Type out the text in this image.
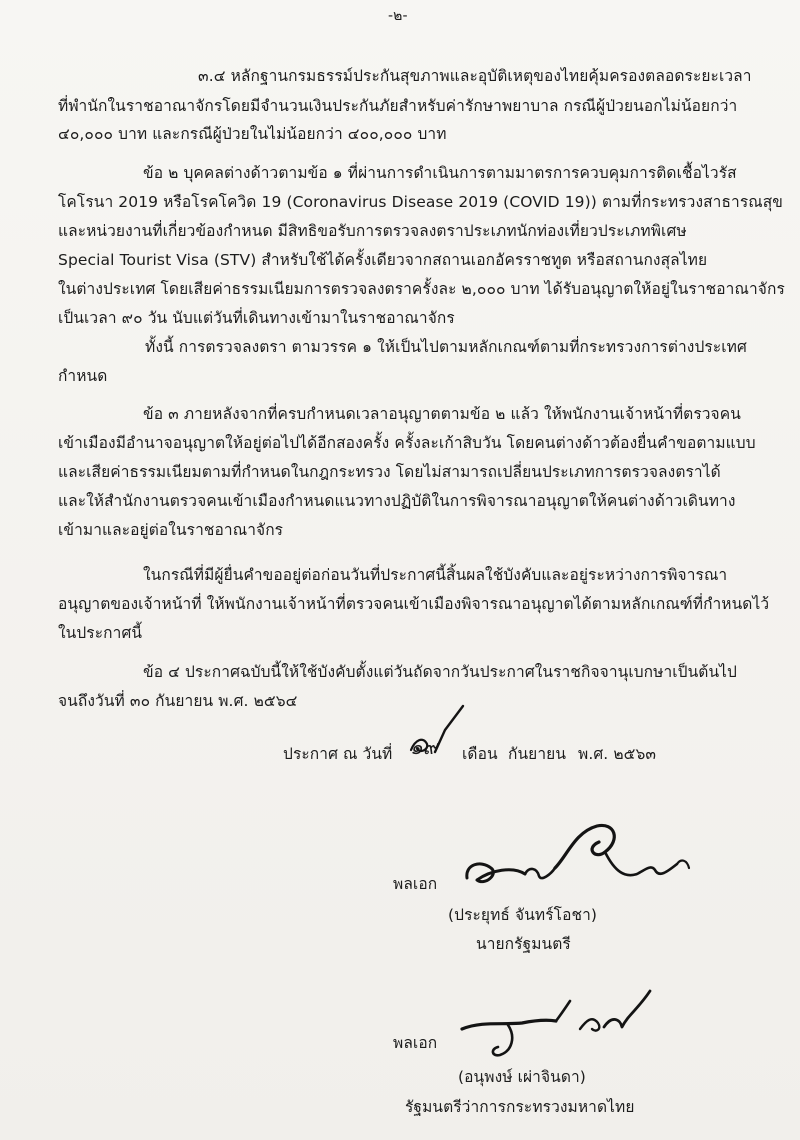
-๒-
๓.๔ หลักฐานกรมธรรม์ประกันสุขภาพและอุบัติเหตุของไทยคุ้มครองตลอดระยะเวลา
ที่พำนักในราชอาณาจักรโดยมีจำนวนเงินประกันภัยสำหรับค่ารักษาพยาบาล กรณีผู้ป่วยนอกไม่น้อยกว่า
๔๐,๐๐๐ บาท และกรณีผู้ป่วยในไม่น้อยกว่า ๔๐๐,๐๐๐ บาท
ข้อ ๒ บุคคลต่างด้าวตามข้อ ๑ ที่ผ่านการดำเนินการตามมาตรการควบคุมการติดเชื้อไวรัส
โคโรนา 2019 หรือโรคโควิด 19 (Coronavirus Disease 2019 (COVID 19)) ตามที่กระทรวงสาธารณสุข
และหน่วยงานที่เกี่ยวข้องกำหนด มีสิทธิขอรับการตรวจลงตราประเภทนักท่องเที่ยวประเภทพิเศษ
Special Tourist Visa (STV) สำหรับใช้ได้ครั้งเดียวจากสถานเอกอัครราชทูต หรือสถานกงสุลไทย
ในต่างประเทศ โดยเสียค่าธรรมเนียมการตรวจลงตราครั้งละ ๒,๐๐๐ บาท ได้รับอนุญาตให้อยู่ในราชอาณาจักร
เป็นเวลา ๙๐ วัน นับแต่วันที่เดินทางเข้ามาในราชอาณาจักร
ทั้งนี้ การตรวจลงตรา ตามวรรค ๑ ให้เป็นไปตามหลักเกณฑ์ตามที่กระทรวงการต่างประเทศ
กำหนด
ข้อ ๓ ภายหลังจากที่ครบกำหนดเวลาอนุญาตตามข้อ ๒ แล้ว ให้พนักงานเจ้าหน้าที่ตรวจคน
เข้าเมืองมีอำนาจอนุญาตให้อยู่ต่อไปได้อีกสองครั้ง ครั้งละเก้าสิบวัน โดยคนต่างด้าวต้องยื่นคำขอตามแบบ
และเสียค่าธรรมเนียมตามที่กำหนดในกฎกระทรวง โดยไม่สามารถเปลี่ยนประเภทการตรวจลงตราได้
และให้สำนักงานตรวจคนเข้าเมืองกำหนดแนวทางปฏิบัติในการพิจารณาอนุญาตให้คนต่างด้าวเดินทาง
เข้ามาและอยู่ต่อในราชอาณาจักร
ในกรณีที่มีผู้ยื่นคำขออยู่ต่อก่อนวันที่ประกาศนี้สิ้นผลใช้บังคับและอยู่ระหว่างการพิจารณา
อนุญาตของเจ้าหน้าที่ ให้พนักงานเจ้าหน้าที่ตรวจคนเข้าเมืองพิจารณาอนุญาตได้ตามหลักเกณฑ์ที่กำหนดไว้
ในประกาศนี้
ข้อ ๔ ประกาศฉบับนี้ให้ใช้บังคับตั้งแต่วันถัดจากวันประกาศในราชกิจจานุเบกษาเป็นต้นไป
จนถึงวันที่ ๓๐ กันยายน พ.ศ. ๒๕๖๔
ประกาศ ณ วันที่ ๑๙ เดือน กันยายน พ.ศ. ๒๕๖๓
พลเอก
(ประยุทธ์ จันทร์โอชา)
นายกรัฐมนตรี
พลเอก
(อนุพงษ์ เผ่าจินดา)
รัฐมนตรีว่าการกระทรวงมหาดไทย
